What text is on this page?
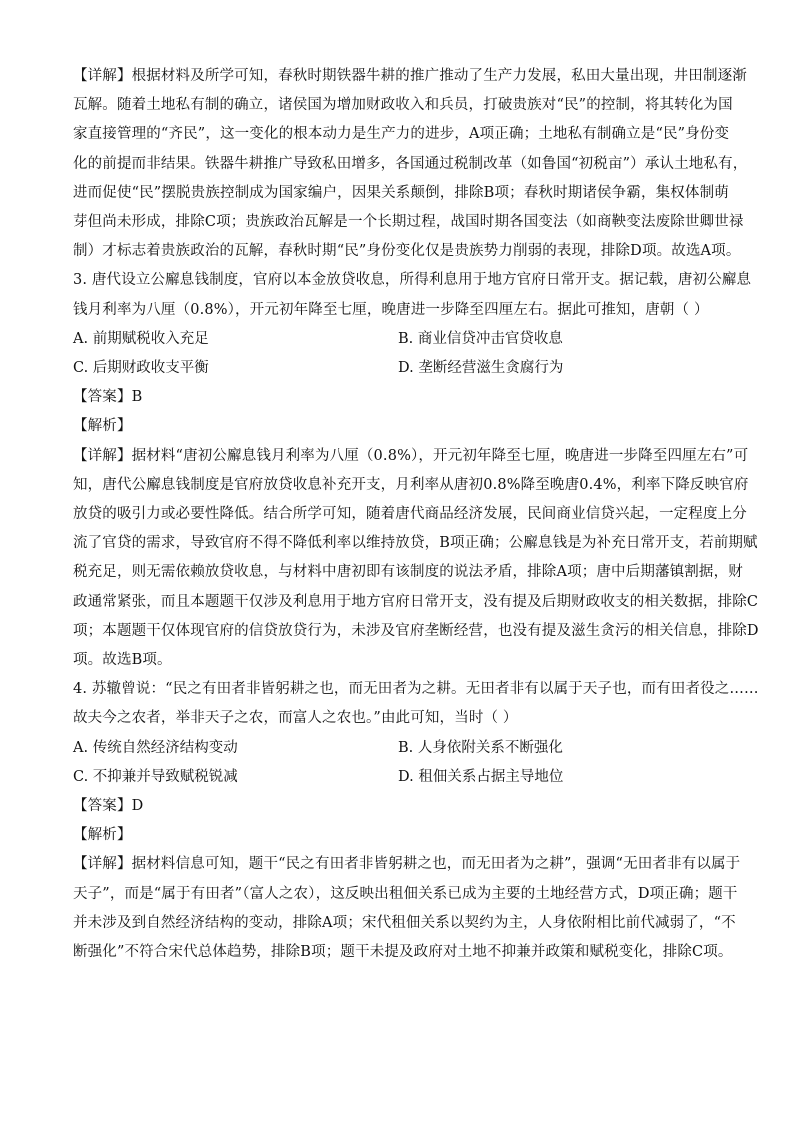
【详解】根据材料及所学可知，春秋时期铁器牛耕的推广推动了生产力发展，私田大量出现，井田制逐渐
瓦解。随着土地私有制的确立，诸侯国为增加财政收入和兵员，打破贵族对“民”的控制，将其转化为国
家直接管理的“齐民”，这一变化的根本动力是生产力的进步，A项正确；土地私有制确立是“民”身份变
化的前提而非结果。铁器牛耕推广导致私田增多，各国通过税制改革（如鲁国“初税亩”）承认土地私有，
进而促使“民”摆脱贵族控制成为国家编户，因果关系颠倒，排除B项；春秋时期诸侯争霸，集权体制萌
芽但尚未形成，排除C项；贵族政治瓦解是一个长期过程，战国时期各国变法（如商鞅变法废除世卿世禄
制）才标志着贵族政治的瓦解，春秋时期“民”身份变化仅是贵族势力削弱的表现，排除D项。故选A项。
3. 唐代设立公廨息钱制度，官府以本金放贷收息，所得利息用于地方官府日常开支。据记载，唐初公廨息
钱月利率为八厘（0.8%），开元初年降至七厘，晚唐进一步降至四厘左右。据此可推知，唐朝（ ）
A. 前期赋税收入充足	B. 商业信贷冲击官贷收息
C. 后期财政收支平衡	D. 垄断经营滋生贪腐行为
【答案】B
【解析】
【详解】据材料“唐初公廨息钱月利率为八厘（0.8%），开元初年降至七厘，晚唐进一步降至四厘左右”可
知，唐代公廨息钱制度是官府放贷收息补充开支，月利率从唐初0.8%降至晚唐0.4%，利率下降反映官府
放贷的吸引力或必要性降低。结合所学可知，随着唐代商品经济发展，民间商业信贷兴起，一定程度上分
流了官贷的需求，导致官府不得不降低利率以维持放贷，B项正确；公廨息钱是为补充日常开支，若前期赋
税充足，则无需依赖放贷收息，与材料中唐初即有该制度的说法矛盾，排除A项；唐中后期藩镇割据，财
政通常紧张，而且本题题干仅涉及利息用于地方官府日常开支，没有提及后期财政收支的相关数据，排除C
项；本题题干仅体现官府的信贷放贷行为，未涉及官府垄断经营，也没有提及滋生贪污的相关信息，排除D
项。故选B项。
4. 苏辙曾说：“民之有田者非皆躬耕之也，而无田者为之耕。无田者非有以属于天子也，而有田者役之……
故夫今之农者，举非天子之农，而富人之农也。”由此可知，当时（ ）
A. 传统自然经济结构变动	B. 人身依附关系不断强化
C. 不抑兼并导致赋税锐减	D. 租佃关系占据主导地位
【答案】D
【解析】
【详解】据材料信息可知，题干“民之有田者非皆躬耕之也，而无田者为之耕”，强调“无田者非有以属于
天子”，而是“属于有田者”（富人之农），这反映出租佃关系已成为主要的土地经营方式，D项正确；题干
并未涉及到自然经济结构的变动，排除A项；宋代租佃关系以契约为主，人身依附相比前代减弱了，“不
断强化”不符合宋代总体趋势，排除B项；题干未提及政府对土地不抑兼并政策和赋税变化，排除C项。
